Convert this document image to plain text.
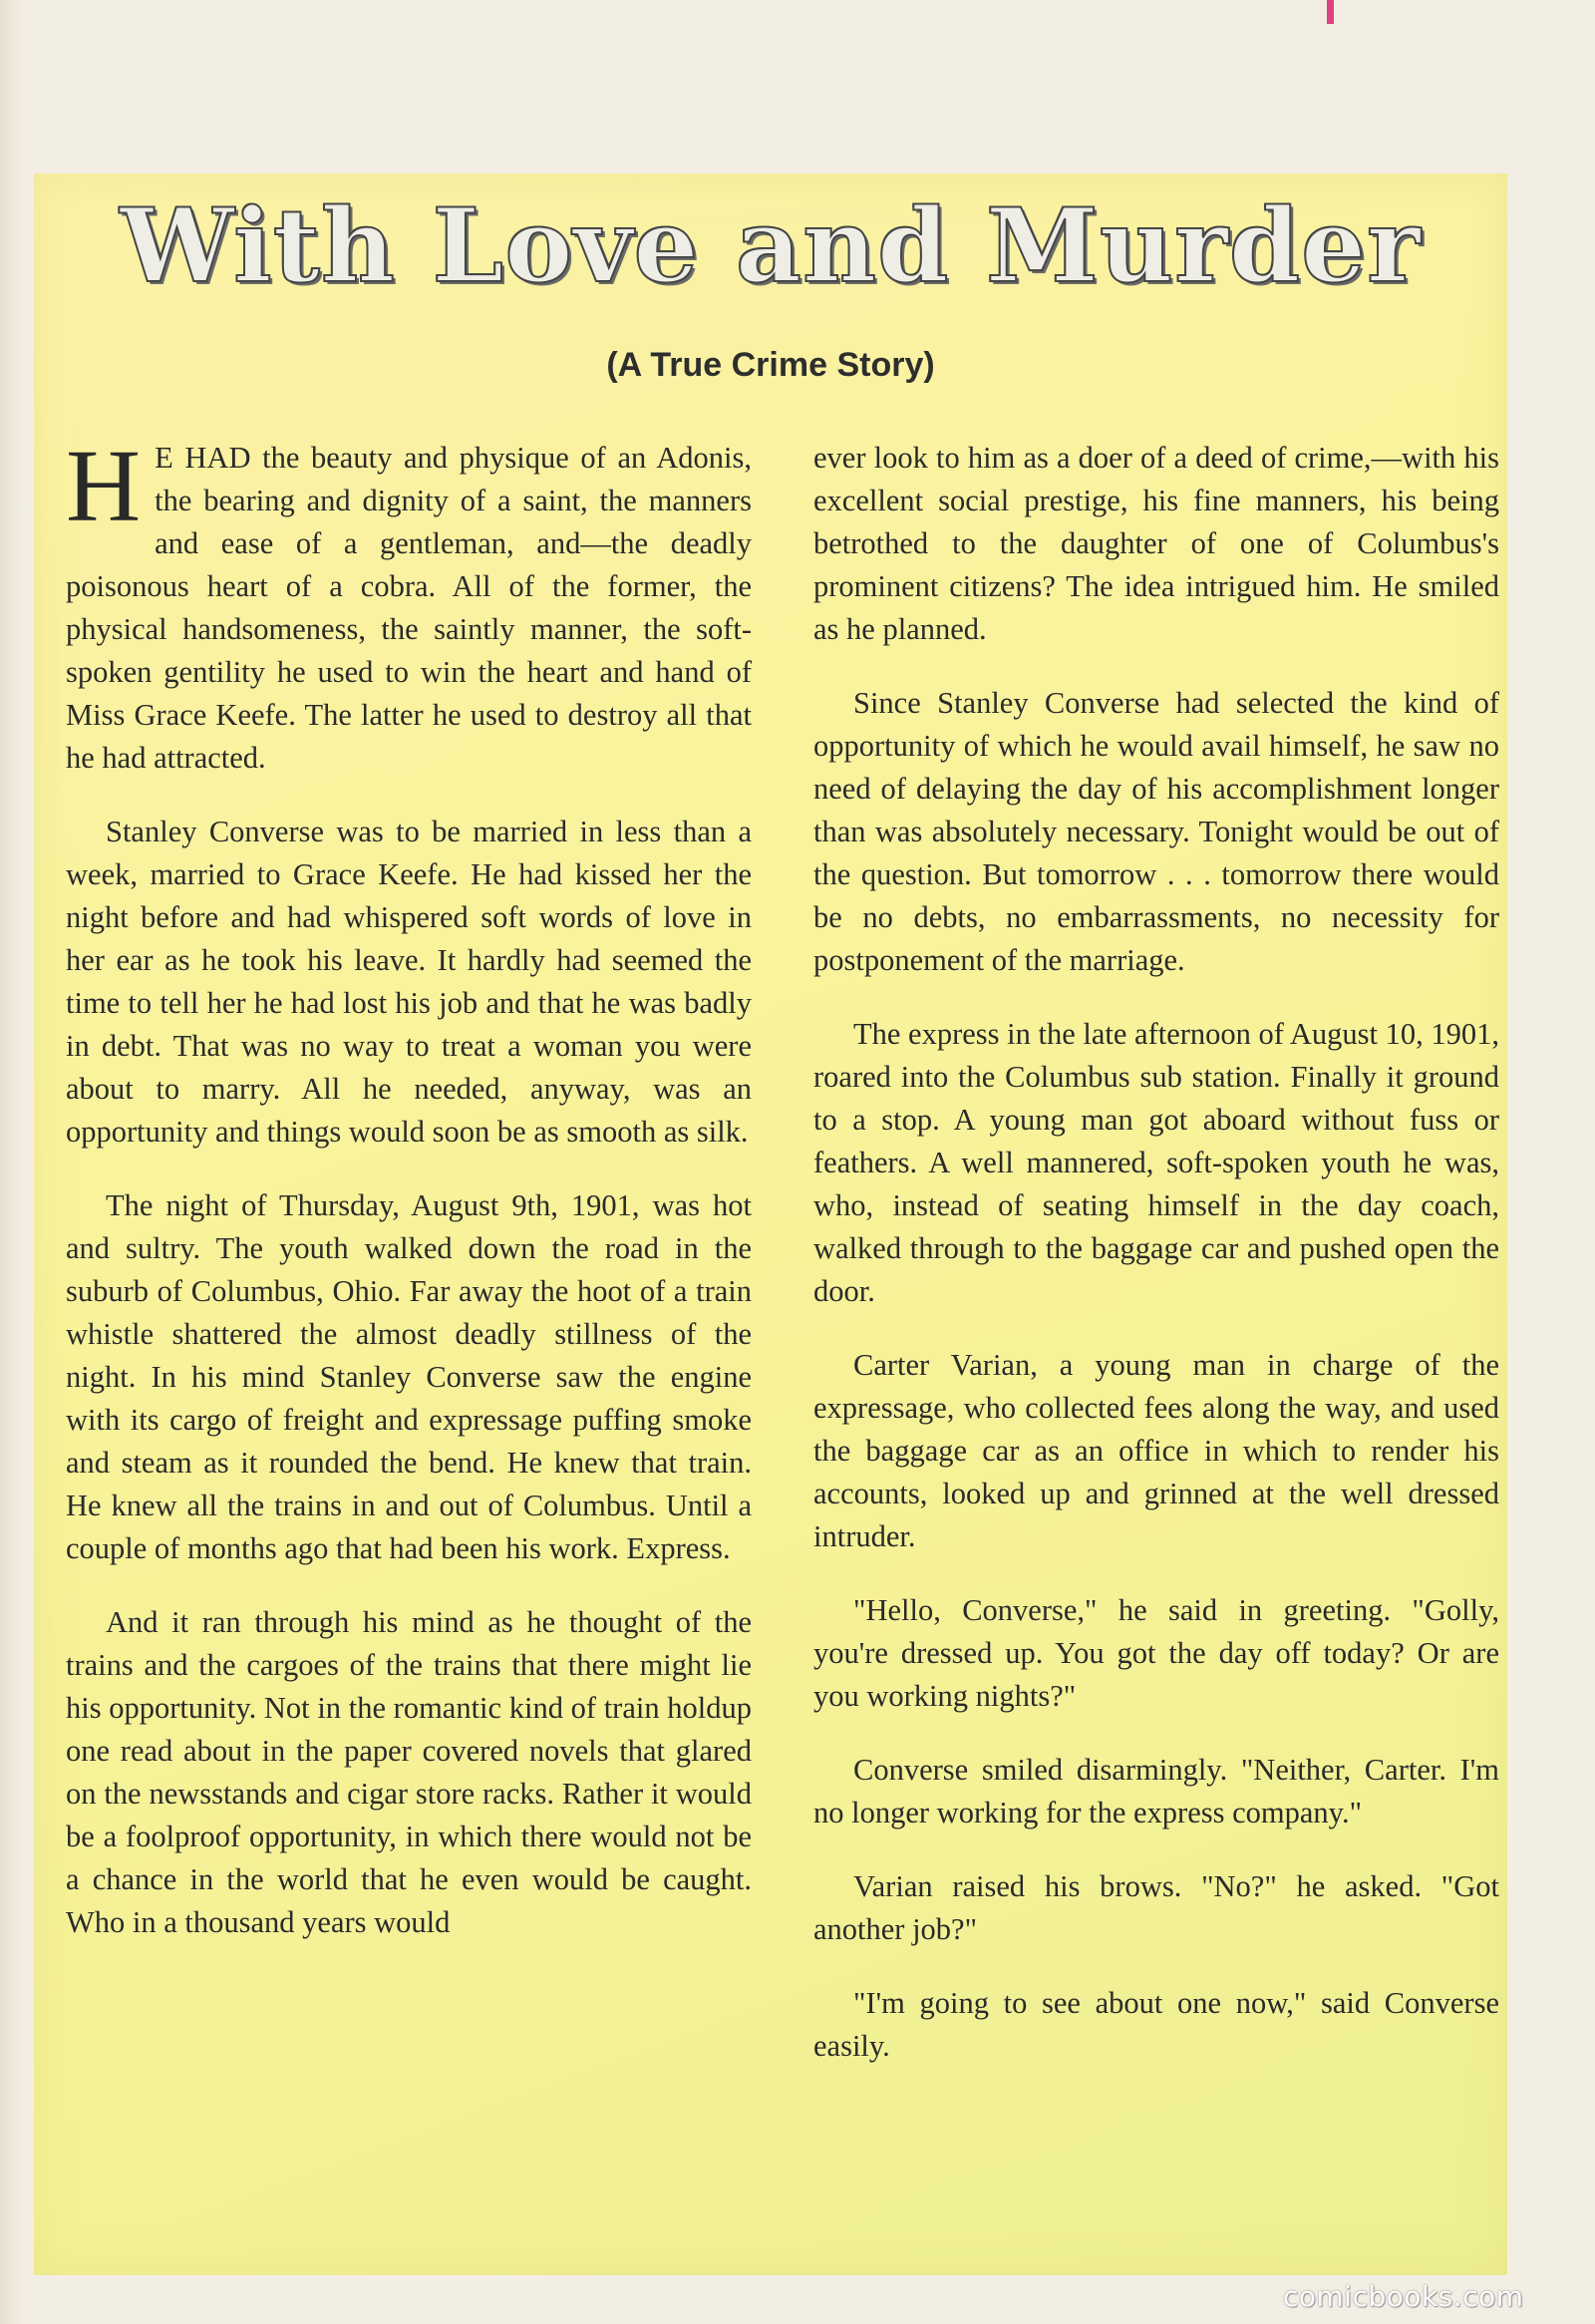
With Love and Murder
(A True Crime Story)

H E HAD the beauty and physique of an Adonis, the bearing and dignity of a saint, the manners and ease of a gentleman, and—the deadly poisonous heart of a cobra. All of the former, the physical handsomeness, the saintly manner, the soft-spoken gentility he used to win the heart and hand of Miss Grace Keefe. The latter he used to destroy all that he had attracted.

Stanley Converse was to be married in less than a week, married to Grace Keefe. He had kissed her the night before and had whispered soft words of love in her ear as he took his leave. It hardly had seemed the time to tell her he had lost his job and that he was badly in debt. That was no way to treat a woman you were about to marry. All he needed, anyway, was an opportunity and things would soon be as smooth as silk.

The night of Thursday, August 9th, 1901, was hot and sultry. The youth walked down the road in the suburb of Columbus, Ohio. Far away the hoot of a train whistle shattered the almost deadly stillness of the night. In his mind Stanley Converse saw the engine with its cargo of freight and expressage puffing smoke and steam as it rounded the bend. He knew that train. He knew all the trains in and out of Columbus. Until a couple of months ago that had been his work. Express.

And it ran through his mind as he thought of the trains and the cargoes of the trains that there might lie his opportunity. Not in the romantic kind of train holdup one read about in the paper covered novels that glared on the newsstands and cigar store racks. Rather it would be a foolproof opportunity, in which there would not be a chance in the world that he even would be caught. Who in a thousand years would

ever look to him as a doer of a deed of crime,—with his excellent social prestige, his fine manners, his being betrothed to the daughter of one of Columbus's prominent citizens? The idea intrigued him. He smiled as he planned.

Since Stanley Converse had selected the kind of opportunity of which he would avail himself, he saw no need of delaying the day of his accomplishment longer than was absolutely necessary. Tonight would be out of the question. But tomorrow . . . tomorrow there would be no debts, no embarrassments, no necessity for postponement of the marriage.

The express in the late afternoon of August 10, 1901, roared into the Columbus sub station. Finally it ground to a stop. A young man got aboard without fuss or feathers. A well mannered, soft-spoken youth he was, who, instead of seating himself in the day coach, walked through to the baggage car and pushed open the door.

Carter Varian, a young man in charge of the expressage, who collected fees along the way, and used the baggage car as an office in which to render his accounts, looked up and grinned at the well dressed intruder.

"Hello, Converse," he said in greeting. "Golly, you're dressed up. You got the day off today? Or are you working nights?"

Converse smiled disarmingly. "Neither, Carter. I'm no longer working for the express company."

Varian raised his brows. "No?" he asked. "Got another job?"

"I'm going to see about one now," said Converse easily.

comicbooks.com
